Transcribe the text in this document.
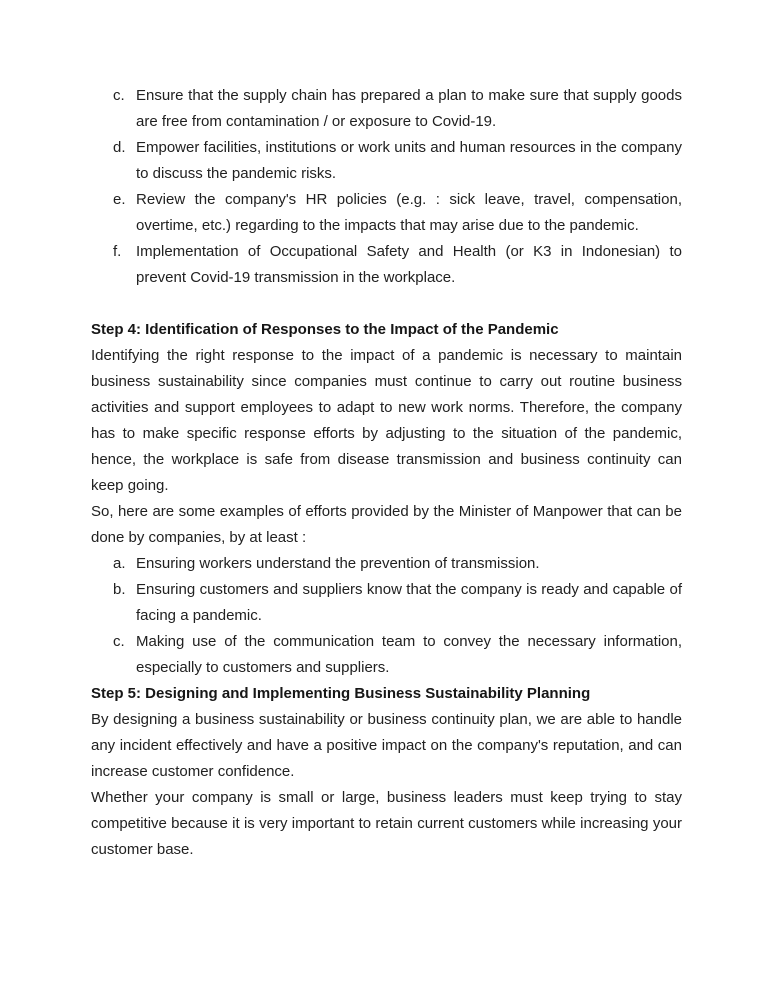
c. Ensure that the supply chain has prepared a plan to make sure that supply goods are free from contamination / or exposure to Covid-19.
d. Empower facilities, institutions or work units and human resources in the company to discuss the pandemic risks.
e. Review the company's HR policies (e.g. : sick leave, travel, compensation, overtime, etc.) regarding to the impacts that may arise due to the pandemic.
f. Implementation of Occupational Safety and Health (or K3 in Indonesian) to prevent Covid-19 transmission in the workplace.
Step 4: Identification of Responses to the Impact of the Pandemic

Identifying the right response to the impact of a pandemic is necessary to maintain business sustainability since companies must continue to carry out routine business activities and support employees to adapt to new work norms. Therefore, the company has to make specific response efforts by adjusting to the situation of the pandemic, hence, the workplace is safe from disease transmission and business continuity can keep going.

So, here are some examples of efforts provided by the Minister of Manpower that can be done by companies, by at least :

a. Ensuring workers understand the prevention of transmission.
b. Ensuring customers and suppliers know that the company is ready and capable of facing a pandemic.
c. Making use of the communication team to convey the necessary information, especially to customers and suppliers.
Step 5: Designing and Implementing Business Sustainability Planning

By designing a business sustainability or business continuity plan, we are able to handle any incident effectively and have a positive impact on the company's reputation, and can increase customer confidence.

Whether your company is small or large, business leaders must keep trying to stay competitive because it is very important to retain current customers while increasing your customer base.
